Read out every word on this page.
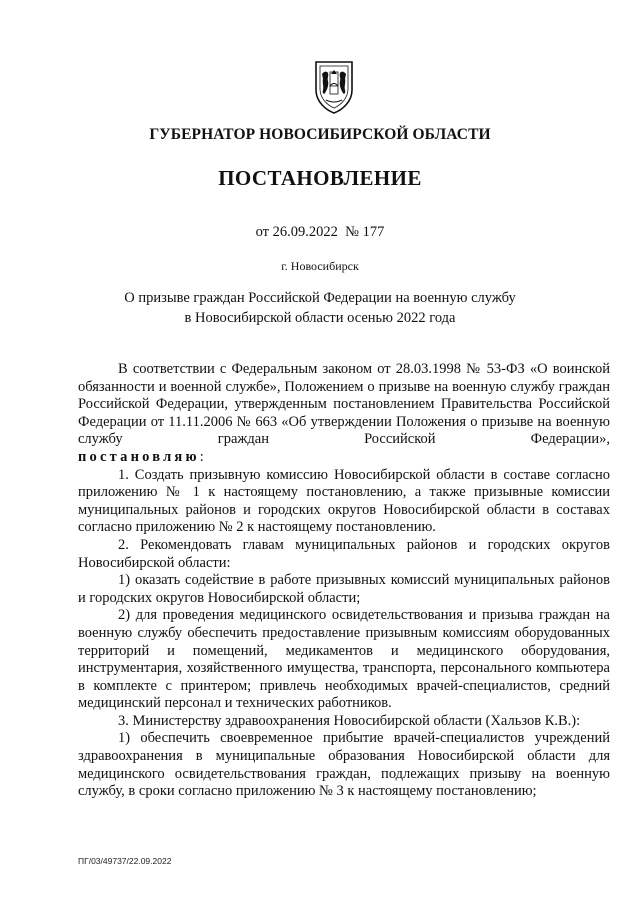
ГУБЕРНАТОР НОВОСИБИРСКОЙ ОБЛАСТИ
ПОСТАНОВЛЕНИЕ
от 26.09.2022 № 177
г. Новосибирск
О призыве граждан Российской Федерации на военную службу
в Новосибирской области осенью 2022 года

В соответствии с Федеральным законом от 28.03.1998 № 53-ФЗ «О воинской обязанности и военной службе», Положением о призыве на военную службу граждан Российской Федерации, утвержденным постановлением Правительства Российской Федерации от 11.11.2006 № 663 «Об утверждении Положения о призыве на военную службу граждан Российской Федерации»,

постановляю:

1. Создать призывную комиссию Новосибирской области в составе согласно приложению № 1 к настоящему постановлению, а также призывные комиссии муниципальных районов и городских округов Новосибирской области в составах согласно приложению № 2 к настоящему постановлению.

2. Рекомендовать главам муниципальных районов и городских округов Новосибирской области:

1) оказать содействие в работе призывных комиссий муниципальных районов и городских округов Новосибирской области;

2) для проведения медицинского освидетельствования и призыва граждан на военную службу обеспечить предоставление призывным комиссиям оборудованных территорий и помещений, медикаментов и медицинского оборудования, инструментария, хозяйственного имущества, транспорта, персонального компьютера в комплекте с принтером; привлечь необходимых врачей-специалистов, средний медицинский персонал и технических работников.

3. Министерству здравоохранения Новосибирской области (Хальзов К.В.):

1) обеспечить своевременное прибытие врачей-специалистов учреждений здравоохранения в муниципальные образования Новосибирской области для медицинского освидетельствования граждан, подлежащих призыву на военную службу, в сроки согласно приложению № 3 к настоящему постановлению;

ПГ/03/49737/22.09.2022
